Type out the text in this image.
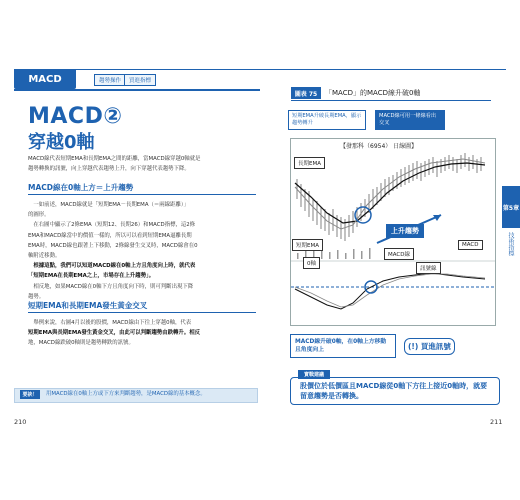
MACD	趨勢操作	買進指標
MACD②
穿越0軸
MACD線代表短期EMA和長期EMA之間的距離，當MACD線穿越0軸就是
趨勢轉換的訊號，向上穿越代表趨勢上升，向下穿越代表趨勢下降。
MACD線在0軸上方＝上升趨勢
　一如前述，MACD線就是「短期EMA－長期EMA（＝兩線距離）」
的圖形。
　在右圖中顯示了2條EMA（短期12、長期26）和MACD指標，這2條
EMA和MACD線當中的價值一樣的，所以可以看到短期EMA逼離長期
EMA時，MACD線也跟著上下移動，2條線發生交叉時，MACD線會在0
軸附近移動。
　根據這點，我們可以知道MACD線在0軸上方且角度向上時，就代表
「短期EMA在長期EMA之上，市場存在上升趨勢」。
　相反地，如果MACD線在0軸下方且角度向下時，則可判斷出現下降
趨勢。
短期EMA和長期EMA發生黃金交叉
　舉例來說，右圖4月以後的股價，MACD線由下往上穿越0軸，代表
短期EMA與長期EMA發生黃金交叉，由此可以判斷趨勢由跌轉升。相反
地，MACD線跌破0軸則是趨勢轉跌的訊號。
要訣！	用MACD線在0軸上方或下方來判斷趨勢，是MACD線的基本概念。
210
圖表 75	「MACD」的MACD線升破0軸
短期EMA升破長期EMA，顯示趨勢轉升
MACD線可用一條線看出交叉
【發那科（6954） 日線圖】
長期EMA
短期EMA
上升趨勢
0軸
MACD線
MACD
訊號線
MACD線升破0軸，在0軸上方移動且角度向上	(!) 買進訊號
第5章
技術指標
實戰建議
股價位於低價區且MACD線從0軸下方往上接近0軸時，就要留意趨勢是否轉換。
211
